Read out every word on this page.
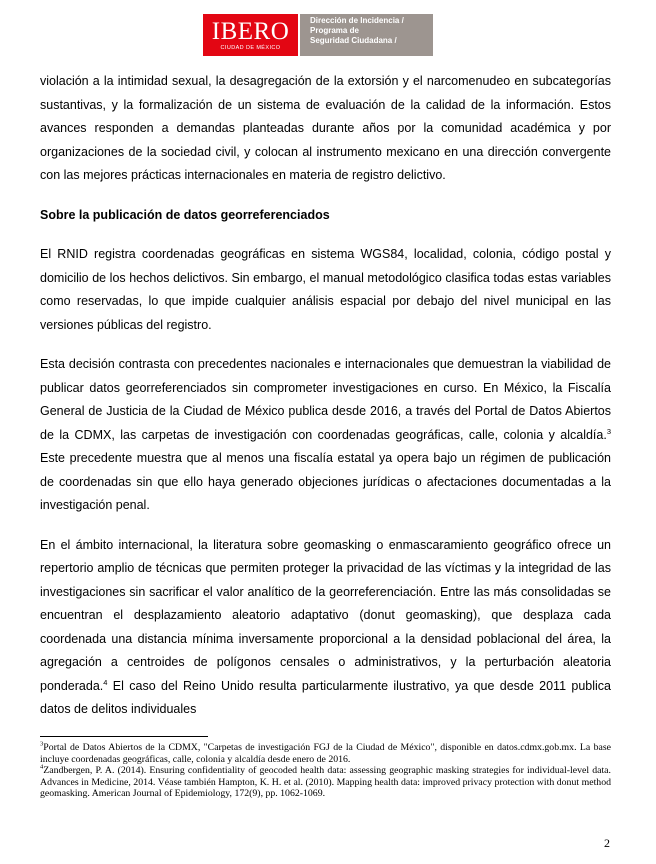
IBERO
CIUDAD DE MÉXICO
Dirección de Incidencia /
Programa de
Seguridad Ciudadana /

violación a la intimidad sexual, la desagregación de la extorsión y el narcomenudeo en subcategorías sustantivas, y la formalización de un sistema de evaluación de la calidad de la información. Estos avances responden a demandas planteadas durante años por la comunidad académica y por organizaciones de la sociedad civil, y colocan al instrumento mexicano en una dirección convergente con las mejores prácticas internacionales en materia de registro delictivo.

Sobre la publicación de datos georreferenciados

El RNID registra coordenadas geográficas en sistema WGS84, localidad, colonia, código postal y domicilio de los hechos delictivos. Sin embargo, el manual metodológico clasifica todas estas variables como reservadas, lo que impide cualquier análisis espacial por debajo del nivel municipal en las versiones públicas del registro.

Esta decisión contrasta con precedentes nacionales e internacionales que demuestran la viabilidad de publicar datos georreferenciados sin comprometer investigaciones en curso. En México, la Fiscalía General de Justicia de la Ciudad de México publica desde 2016, a través del Portal de Datos Abiertos de la CDMX, las carpetas de investigación con coordenadas geográficas, calle, colonia y alcaldía.$^3$ Este precedente muestra que al menos una fiscalía estatal ya opera bajo un régimen de publicación de coordenadas sin que ello haya generado objeciones jurídicas o afectaciones documentadas a la investigación penal.

En el ámbito internacional, la literatura sobre geomasking o enmascaramiento geográfico ofrece un repertorio amplio de técnicas que permiten proteger la privacidad de las víctimas y la integridad de las investigaciones sin sacrificar el valor analítico de la georreferenciación. Entre las más consolidadas se encuentran el desplazamiento aleatorio adaptativo (donut geomasking), que desplaza cada coordenada una distancia mínima inversamente proporcional a la densidad poblacional del área, la agregación a centroides de polígonos censales o administrativos, y la perturbación aleatoria ponderada.$^4$ El caso del Reino Unido resulta particularmente ilustrativo, ya que desde 2011 publica datos de delitos individuales

$^3$Portal de Datos Abiertos de la CDMX, "Carpetas de investigación FGJ de la Ciudad de México", disponible en datos.cdmx.gob.mx. La base incluye coordenadas geográficas, calle, colonia y alcaldía desde enero de 2016.

$^4$Zandbergen, P. A. (2014). Ensuring confidentiality of geocoded health data: assessing geographic masking strategies for individual-level data. Advances in Medicine, 2014. Véase también Hampton, K. H. et al. (2010). Mapping health data: improved privacy protection with donut method geomasking. American Journal of Epidemiology, 172(9), pp. 1062-1069.

2
